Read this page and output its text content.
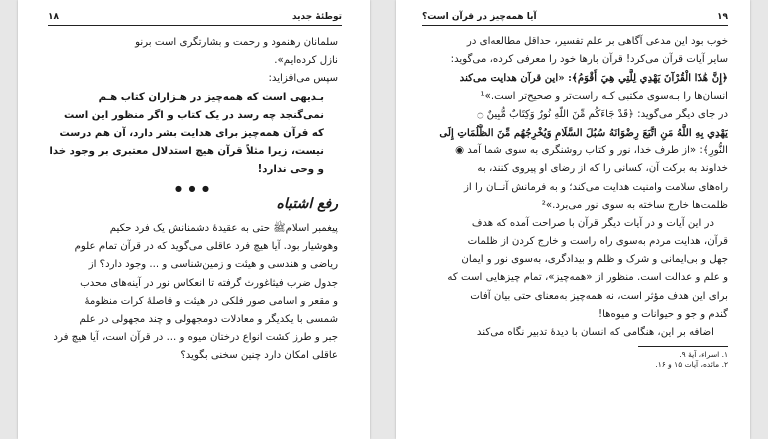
توطئهٔ جدید
۱۸
سلمانان رهنمود و رحمت و بشارتگری است برنو
نازل کرده‌ایم».
سپس می‌افزاید:
بـدیهی است که همه‌چیز در هـزاران کتاب هـم
نمی‌گنجد چه رسد در یک کتاب و اگر منظور این است
که قرآن همه‌چیز برای هدایت بشر دارد، آن هم درست
نیست، زیرا مثلاً قرآن هیچ استدلال معتبری بر وجود خدا
و وحی ندارد!
● ● ●
رفع اشتباه
پیغمبر اسلامﷺ حتی به عقیدهٔ دشمنانش یک فرد حکیم
وهوشیار بود. آیا هیچ فرد عاقلی می‌گوید که در قرآن تمام علوم
ریاضی و هندسی و هیئت و زمین‌شناسی و ... وجود دارد؟ از
جدول ضرب فیثاغورث گرفته تا انعکاس نور در آینه‌های محدب
و مقعر و اسامی صور فلکی در هیئت و فاصلهٔ کرات منظومهٔ
شمسی با یکدیگر و معادلات دومجهولی و چند مجهولی در علم
جبر و طرز کشت انواع درختان میوه و ... در قرآن است، آیا هیچ فرد
عاقلی امکان دارد چنین سخنی بگوید؟
۱۹
آیا همه‌چیز در قرآن است؟
خوب بود این مدعی آگاهی بر علم تفسیر، حداقل مطالعه‌ای در
سایر آیات قرآن می‌کرد! قرآن بارها خود را معرفی کرده، می‌گوید:
﴿إِنَّ هَٰذَا الْقُرْآنَ يَهْدِي لِلَّتِي هِيَ أَقْوَمُ﴾: «این قرآن هدایت می‌کند
انسان‌ها را بـه‌سوی مکتبی کـه راست‌تر و صحیح‌تر است.»¹
در جای دیگر می‌گوید: ﴿قَدْ جَاءَكُم مِّنَ اللَّهِ نُورٌ وَكِتَابٌ مُّبِينٌ ۝
يَهْدِي بِهِ اللَّهُ مَنِ اتَّبَعَ رِضْوَانَهُ سُبُلَ السَّلَامِ وَيُخْرِجُهُم مِّنَ الظُّلُمَاتِ إِلَى
النُّورِ﴾: «از طرف خدا، نور و کتاب روشنگری به سوی شما آمد ◉
خداوند به برکت آن، کسانی را که از رضای او پیروی کنند، به
راه‌های سلامت وامنیت هدایت می‌کند؛ و به فرمانش آنــان را از
ظلمت‌ها خارج ساخته به سوی نور می‌برد.»²
در این آیات و در آیات دیگر قرآن با صراحت آمده که هدف
قرآن، هدایت مردم به‌سوی راه راست و خارج کردن از ظلمات
جهل و بی‌ایمانی و شرک و ظلم و بیدادگری، به‌سوی نور و ایمان
و علم و عدالت است. منظور از «همه‌چیز»، تمام چیزهایی است که
برای این هدف مؤثر است، نه همه‌چیز به‌معنای حتی بیان آفات
گندم و جو و حیوانات و میوه‌ها!
اضافه بر این، هنگامی که انسان با دیدهٔ تدبیر نگاه می‌کند
۱. اسراء، آیهٔ ۹.
۲. مائده، آیات ۱۵ و ۱۶.
